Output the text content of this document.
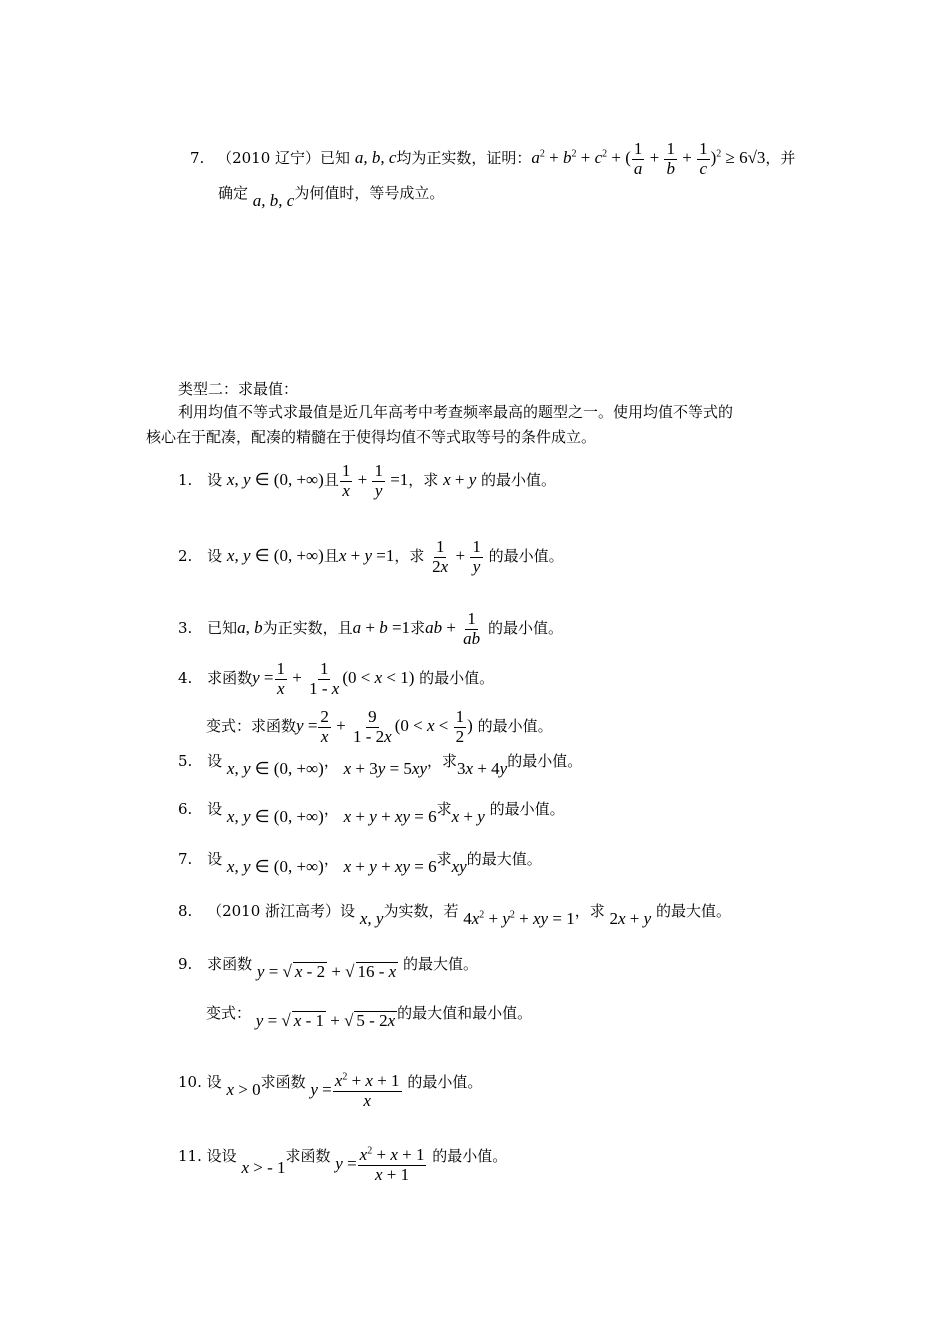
7. （2010 辽宁）已知 a, b, c均为正实数，证明：$a^2 + b^2 + c^2$ + ( $\frac{1}{a} + \frac{1}{b} + \frac{1}{c} )^2 \ge 6√3$，并
确定 a, b, c为何值时，等号成立。
类型二：求最值：
利用均值不等式求最值是近几年高考中考查频率最高的题型之一。使用均值不等式的
核心在于配凑，配凑的精髓在于使得均值不等式取等号的条件成立。
1. 设 x, y ∈ (0, +∞)且 $\frac{1}{x} + \frac{1}{y} =1$，求 x + y 的最小值。
2. 设 x, y ∈ (0, +∞)且x + y =1，求 $\frac{1}{2x} + \frac{1}{y}$ 的最小值。
3. 已知a, b为正实数，且a + b =1求ab + $\frac{1}{ab}$ 的最小值。
4. 求函数$y = \frac{1}{x} + \frac{1}{1 - x} (0 < x < 1)$ 的最小值。
变式：求函数$y = \frac{2}{x} + \frac{9}{1 - 2x} (0 < x < \frac{1}{2}$ ) 的最小值。
5. 设 x, y ∈ (0, +∞)， x + 3y = 5xy，求3x + 4y的最小值。
6. 设 x, y ∈ (0, +∞)， x + y + xy = 6求x + y 的最小值。
7. 设 x, y ∈ (0, +∞)， x + y + xy = 6求xy的最大值。
8. （2010 浙江高考）设 x, y为实数，若 $4x^2 + y^2$ + xy = 1，求 2x + y 的最大值。
9. 求函数 y = √ x - 2 + √ 16 - x 的最大值。
变式： y = √ x - 1 + √ 5 - 2x 的最大值和最小值。
10. 设 x > 0求函数 $y = \frac{x^2 + x + 1}{x}$ 的最小值。
11. 设设 x > - 1求函数 $y = \frac{x^2 + x + 1}{x + 1}$ 的最小值。
